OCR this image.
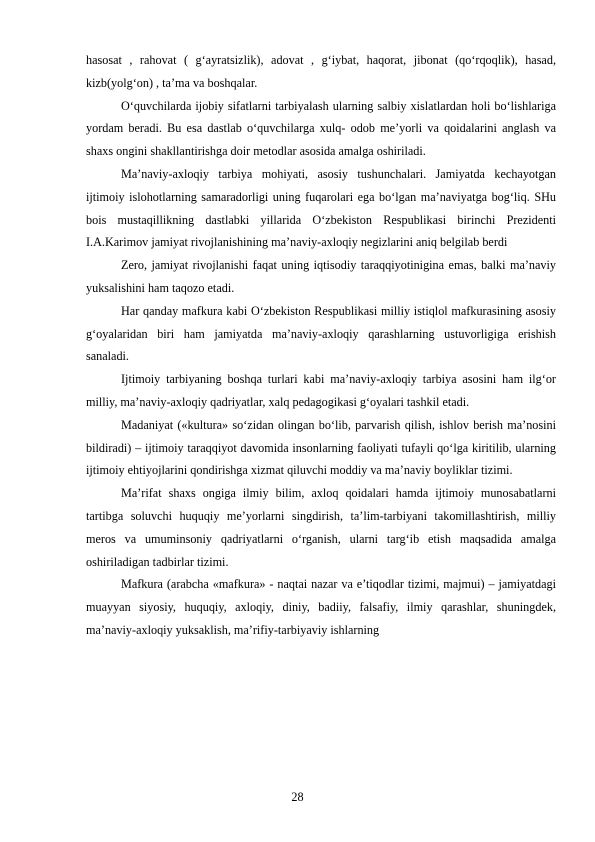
hasosat , rahovat ( g‘ayratsizlik), adovat , g‘iybat, haqorat, jibonat (qo‘rqoqlik), hasad, kizb(yolg‘on) , ta’ma va boshqalar.

O‘quvchilarda ijobiy sifatlarni tarbiyalash ularning salbiy xislatlardan holi bo‘lishlariga yordam beradi. Bu esa dastlab o‘quvchilarga xulq- odob me’yorli va qoidalarini anglash va shaxs ongini shakllantirishga doir metodlar asosida amalga oshiriladi.

Ma’naviy-axloqiy tarbiya mohiyati, asosiy tushunchalari. Jamiyatda kechayotgan ijtimoiy islohotlarning samaradorligi uning fuqarolari ega bo‘lgan ma’naviyatga bog‘liq. SHu bois mustaqillikning dastlabki yillarida O‘zbekiston Respublikasi birinchi Prezidenti I.A.Karimov jamiyat rivojlanishining ma’naviy-axloqiy negizlarini aniq belgilab berdi

Zero, jamiyat rivojlanishi faqat uning iqtisodiy taraqqiyotinigina emas, balki ma’naviy yuksalishini ham taqozo etadi.

Har qanday mafkura kabi O‘zbekiston Respublikasi milliy istiqlol mafkurasining asosiy g‘oyalaridan biri ham jamiyatda ma’naviy-axloqiy qarashlarning ustuvorligiga erishish sanaladi.

Ijtimoiy tarbiyaning boshqa turlari kabi ma’naviy-axloqiy tarbiya asosini ham ilg‘or milliy, ma’naviy-axloqiy qadriyatlar, xalq pedagogikasi g‘oyalari tashkil etadi.

Madaniyat («kultura» so‘zidan olingan bo‘lib, parvarish qilish, ishlov berish ma’nosini bildiradi) – ijtimoiy taraqqiyot davomida insonlarning faoliyati tufayli qo‘lga kiritilib, ularning ijtimoiy ehtiyojlarini qondirishga xizmat qiluvchi moddiy va ma’naviy boyliklar tizimi.

Ma’rifat shaxs ongiga ilmiy bilim, axloq qoidalari hamda ijtimoiy munosabatlarni tartibga soluvchi huquqiy me’yorlarni singdirish, ta’lim-tarbiyani takomillashtirish, milliy meros va umuminsoniy qadriyatlarni o‘rganish, ularni targ‘ib etish maqsadida amalga oshiriladigan tadbirlar tizimi.

Mafkura (arabcha «mafkura» - naqtai nazar va e’tiqodlar tizimi, majmui) – jamiyatdagi muayyan siyosiy, huquqiy, axloqiy, diniy, badiiy, falsafiy, ilmiy qarashlar, shuningdek, ma’naviy-axloqiy yuksaklish, ma’rifiy-tarbiyaviy ishlarning

28
